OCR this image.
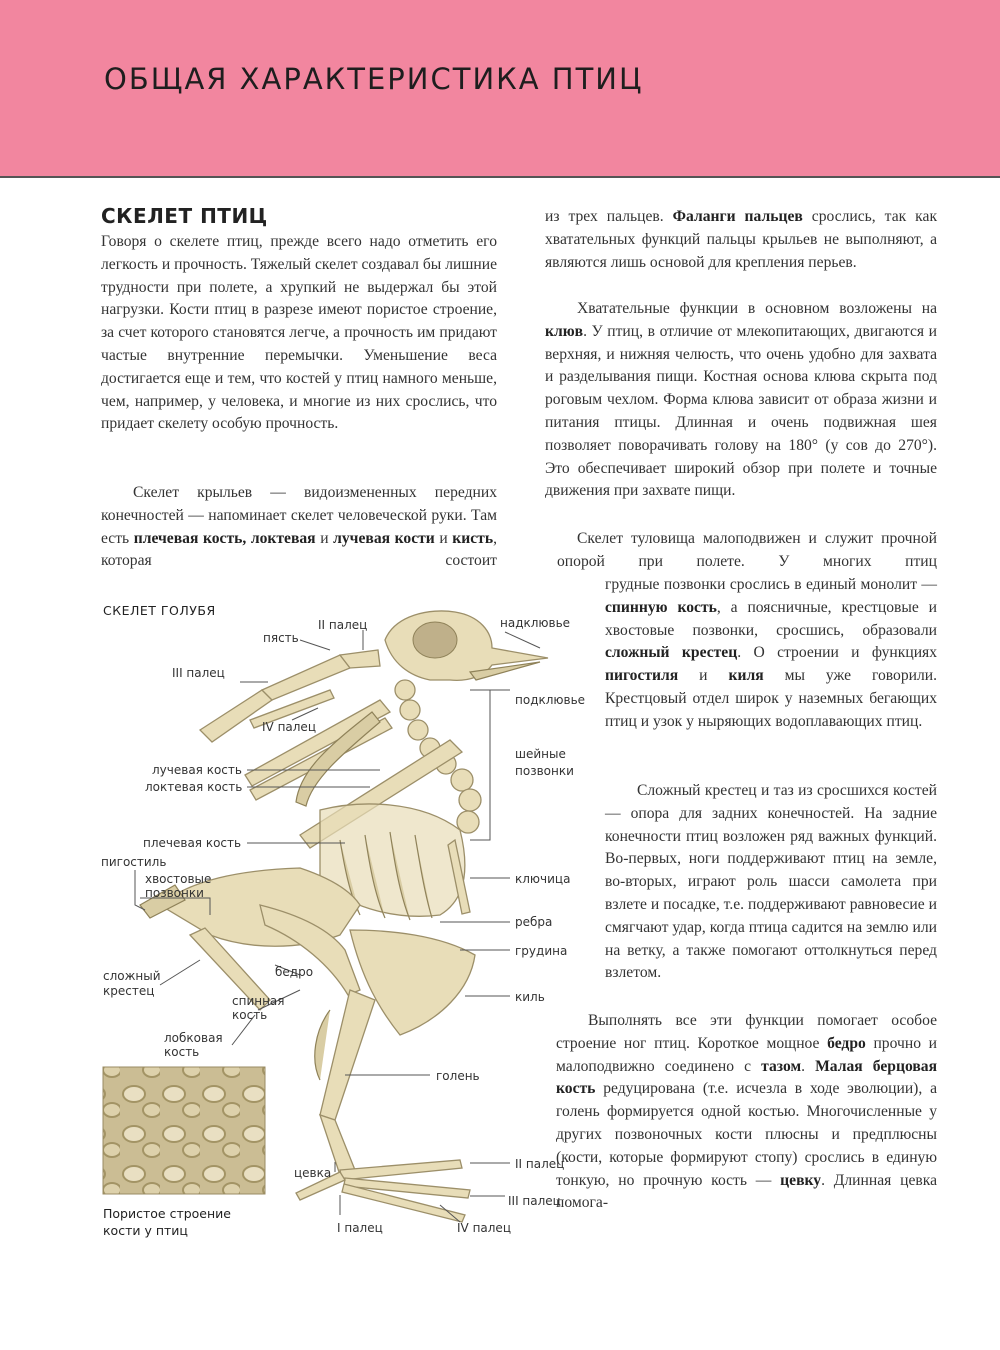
ОБЩАЯ ХАРАКТЕРИСТИКА ПТИЦ
СКЕЛЕТ ПТИЦ

Говоря о скелете птиц, прежде всего надо отметить его легкость и прочность. Тяжелый скелет создавал бы лишние трудности при полете, а хрупкий не выдержал бы этой нагрузки. Кости птиц в разрезе имеют пористое строение, за счет которого становятся легче, а прочность им придают частые внутренние перемычки. Уменьшение веса достигается еще и тем, что костей у птиц намного меньше, чем, например, у человека, и многие из них срослись, что придает скелету особую прочность.

Скелет крыльев — видоизмененных передних конечностей — напоминает скелет человеческой руки. Там есть плечевая кость, локтевая и лучевая кости и кисть, которая состоит

из трех пальцев. Фаланги пальцев срослись, так как хватательных функций пальцы крыльев не выполняют, а являются лишь основой для крепления перьев.

Хватательные функции в основном возложены на клюв. У птиц, в отличие от млекопитающих, двигаются и верхняя, и нижняя челюсть, что очень удобно для захвата и разделывания пищи. Костная основа клюва скрыта под роговым чехлом. Форма клюва зависит от образа жизни и питания птицы. Длинная и очень подвижная шея позволяет поворачивать голову на 180° (у сов до 270°). Это обеспечивает широкий обзор при полете и точные движения при захвате пищи.

Скелет туловища малоподвижен и служит прочной опорой при полете. У многих птиц

грудные позвонки срослись в единый монолит — спинную кость, а поясничные, крестцовые и хвостовые позвонки, сросшись, образовали сложный крестец. О строении и функциях пигостиля и киля мы уже говорили. Крестцовый отдел широк у наземных бегающих птиц и узок у ныряющих водоплавающих птиц.

Сложный крестец и таз из сросшихся костей — опора для задних конечностей. На задние конечности птиц возложен ряд важных функций. Во-первых, ноги поддерживают птиц на земле, во-вторых, играют роль шасси самолета при взлете и посадке, т.е. поддерживают равновесие и смягчают удар, когда птица садится на землю или на ветку, а также помогают оттолкнуться перед взлетом.

Выполнять все эти функции помогает особое строение ног птиц. Короткое мощное бедро прочно и малоподвижно соединено с тазом. Малая берцовая кость редуцирована (т.е. исчезла в ходе эволюции), а голень формируется одной костью. Многочисленные у других позвоночных кости плюсны и предплюсны (кости, которые формируют стопу) срослись в единую тонкую, но прочную кость — цевку. Длинная цевка помога-

СКЕЛЕТ ГОЛУБЯ
II палец
пясть
III палец
IV палец
лучевая кость
локтевая кость
плечевая кость
пигостиль
хвостовые
позвонки
сложный
крестец
бедро
спинная
кость
лобковая
кость
надклювье
подклювье
шейные
позвонки
ключица
ребра
грудина
киль
голень
цевка
II палец
III палец
I палец	IV палец
Пористое строение
кости у птиц
